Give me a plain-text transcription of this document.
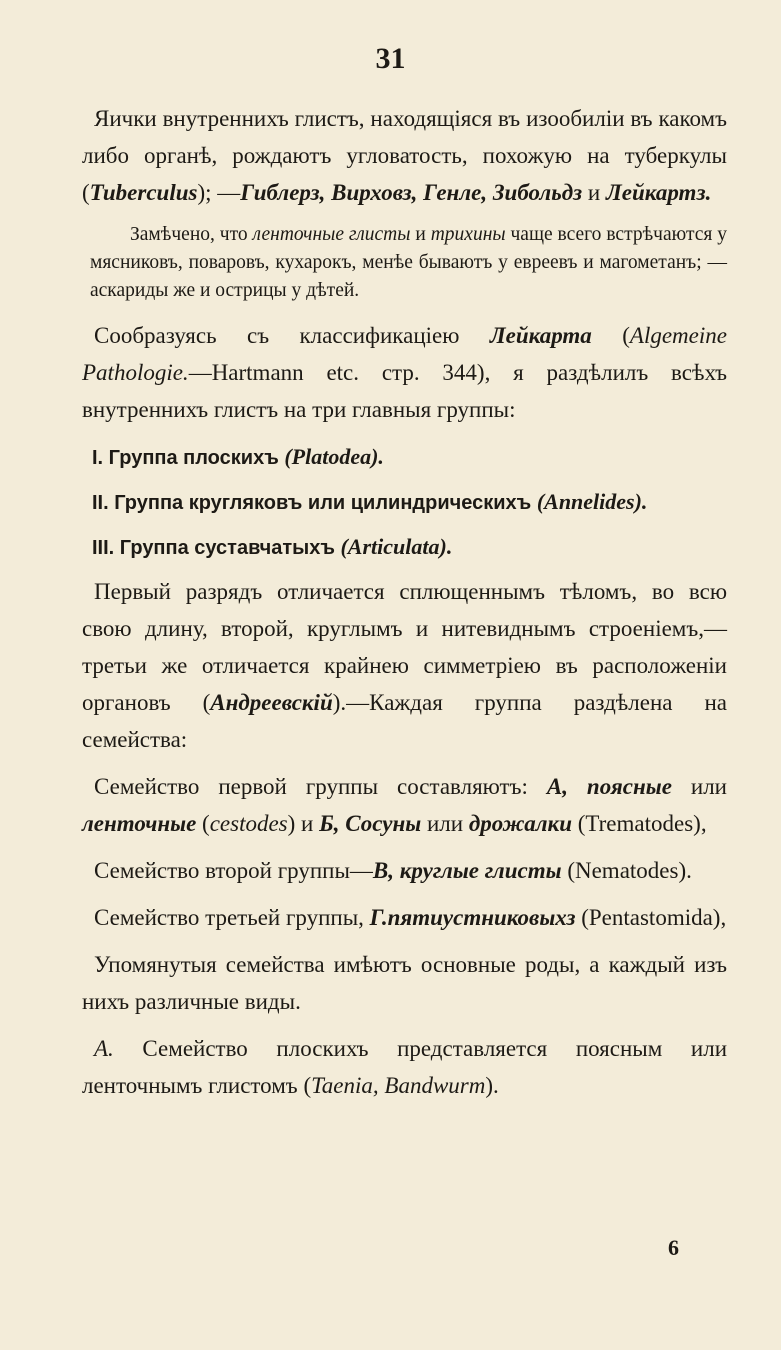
31

Яички внутреннихъ глистъ, находящіяся въ изообиліи въ какомъ либо органѣ, рождаютъ угловатость, похожую на туберкулы (Tuberculus); —Гиблерз, Вирховз, Генле, Зибольдз и Лейкартз.

Замѣчено, что ленточные глисты и трихины чаще всего встрѣчаются у мясниковъ, поваровъ, кухарокъ, менѣе бываютъ у евреевъ и магометанъ; — аскариды же и острицы у дѣтей.

Сообразуясь съ классификаціею Лейкарта (Algemeine Pathologie.—Hartmann etc. стр. 344), я раздѣлилъ всѣхъ внутреннихъ глистъ на три главныя группы:

I. Группа плоскихъ (Platodea).

II. Группа кругляковъ или цилиндрическихъ (Annelides).

III. Группа суставчатыхъ (Articulata).

Первый разрядъ отличается сплющеннымъ тѣломъ, во всю свою длину, второй, круглымъ и нитевиднымъ строеніемъ,—третьи же отличается крайнею симметріею въ расположеніи органовъ (Андреевскій).—Каждая группа раздѣлена на семейства:

Семейство первой группы составляютъ: А, поясные или ленточные (cestodes) и Б, Сосуны или дрожалки (Trematodes),

Семейство второй группы—В, круглые глисты (Nematodes).

Семейство третьей группы, Г.пятиустниковыхз (Pentastomida),

Упомянутыя семейства имѣютъ основные роды, а каждый изъ нихъ различные виды.

А. Семейство плоскихъ представляется поясным или ленточнымъ глистомъ (Taenia, Bandwurm).

6
